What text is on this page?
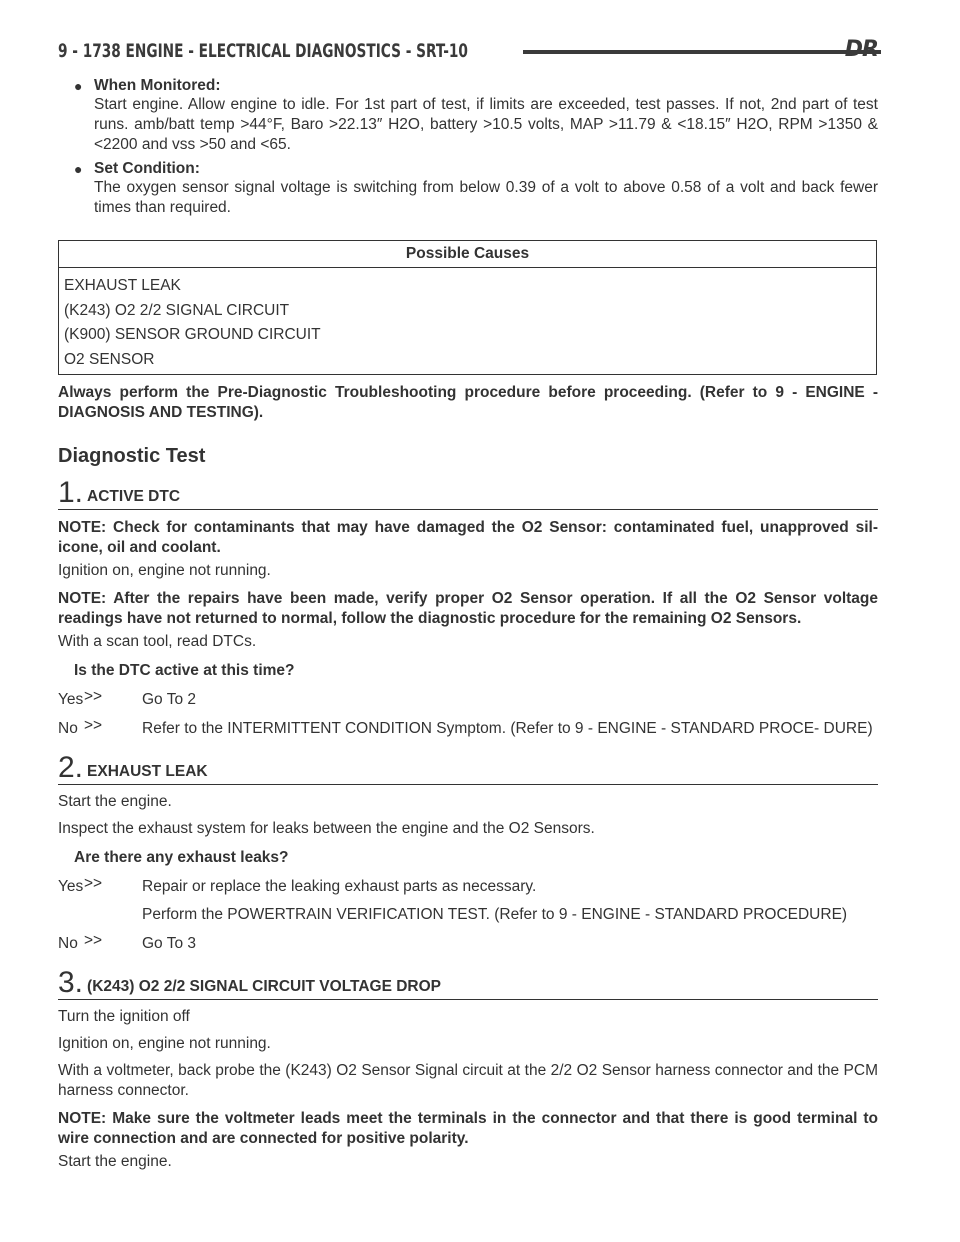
9 - 1738 ENGINE - ELECTRICAL DIAGNOSTICS - SRT-10	DR
● When Monitored:
Start engine. Allow engine to idle. For 1st part of test, if limits are exceeded, test passes. If not, 2nd part of test runs. amb/batt temp >44°F, Baro >22.13″ H2O, battery >10.5 volts, MAP >11.79 & <18.15″ H2O, RPM >1350 & <2200 and vss >50 and <65.
● Set Condition:
The oxygen sensor signal voltage is switching from below 0.39 of a volt to above 0.58 of a volt and back fewer times than required.
Possible Causes
EXHAUST LEAK
(K243) O2 2/2 SIGNAL CIRCUIT
(K900) SENSOR GROUND CIRCUIT
O2 SENSOR

Always perform the Pre-Diagnostic Troubleshooting procedure before proceeding. (Refer to 9 - ENGINE - DIAGNOSIS AND TESTING).

Diagnostic Test
1. ACTIVE DTC

NOTE: Check for contaminants that may have damaged the O2 Sensor: contaminated fuel, unapproved sil- icone, oil and coolant.

Ignition on, engine not running.

NOTE: After the repairs have been made, verify proper O2 Sensor operation. If all the O2 Sensor voltage readings have not returned to normal, follow the diagnostic procedure for the remaining O2 Sensors.

With a scan tool, read DTCs.

Is the DTC active at this time?

Yes >>	Go To 2

No >>	Refer to the INTERMITTENT CONDITION Symptom. (Refer to 9 - ENGINE - STANDARD PROCE- DURE)

2. EXHAUST LEAK

Start the engine.

Inspect the exhaust system for leaks between the engine and the O2 Sensors.

Are there any exhaust leaks?

Yes >>	Repair or replace the leaking exhaust parts as necessary.

Perform the POWERTRAIN VERIFICATION TEST. (Refer to 9 - ENGINE - STANDARD PROCEDURE)

No >>	Go To 3

3. (K243) O2 2/2 SIGNAL CIRCUIT VOLTAGE DROP

Turn the ignition off

Ignition on, engine not running.

With a voltmeter, back probe the (K243) O2 Sensor Signal circuit at the 2/2 O2 Sensor harness connector and the PCM harness connector.

NOTE: Make sure the voltmeter leads meet the terminals in the connector and that there is good terminal to wire connection and are connected for positive polarity.

Start the engine.
